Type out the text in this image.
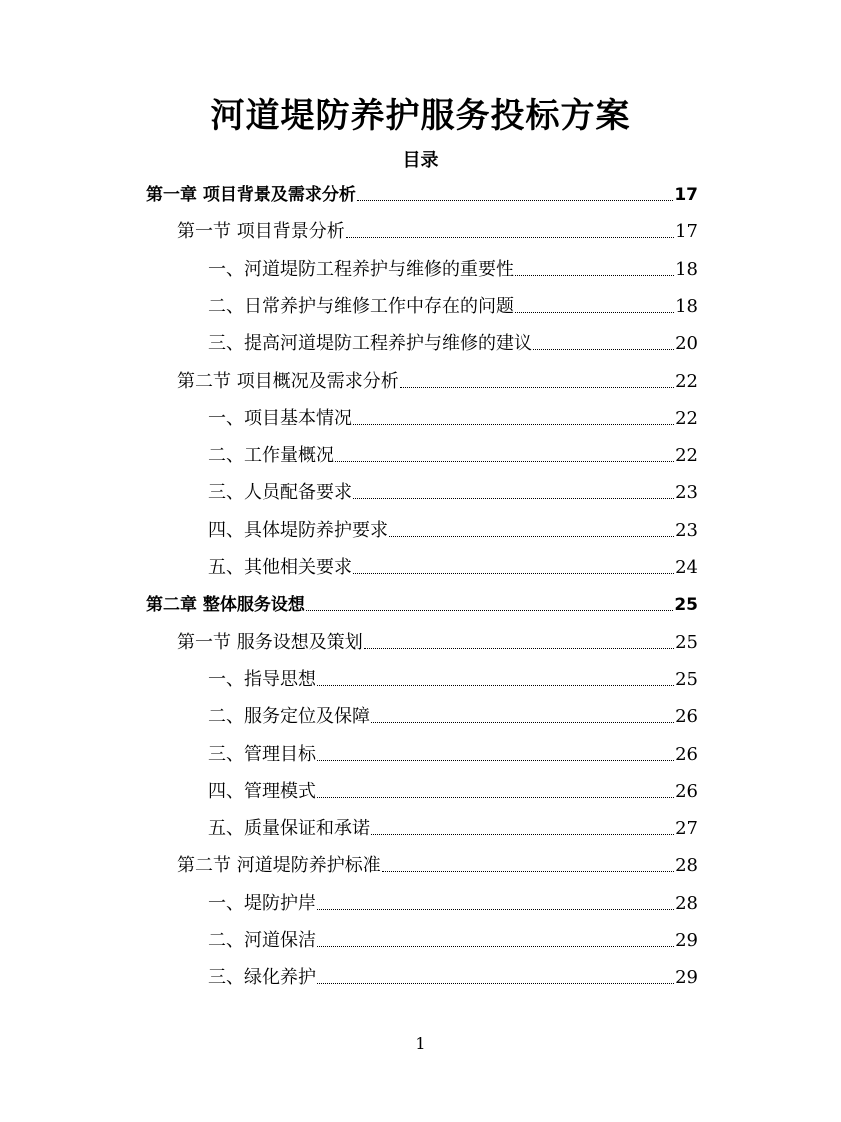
河道堤防养护服务投标方案
目录
第一章 项目背景及需求分析	17
第一节 项目背景分析	17
一、河道堤防工程养护与维修的重要性	18
二、日常养护与维修工作中存在的问题	18
三、提高河道堤防工程养护与维修的建议	20
第二节 项目概况及需求分析	22
一、项目基本情况	22
二、工作量概况	22
三、人员配备要求	23
四、具体堤防养护要求	23
五、其他相关要求	24
第二章 整体服务设想	25
第一节 服务设想及策划	25
一、指导思想	25
二、服务定位及保障	26
三、管理目标	26
四、管理模式	26
五、质量保证和承诺	27
第二节 河道堤防养护标准	28
一、堤防护岸	28
二、河道保洁	29
三、绿化养护	29
1
